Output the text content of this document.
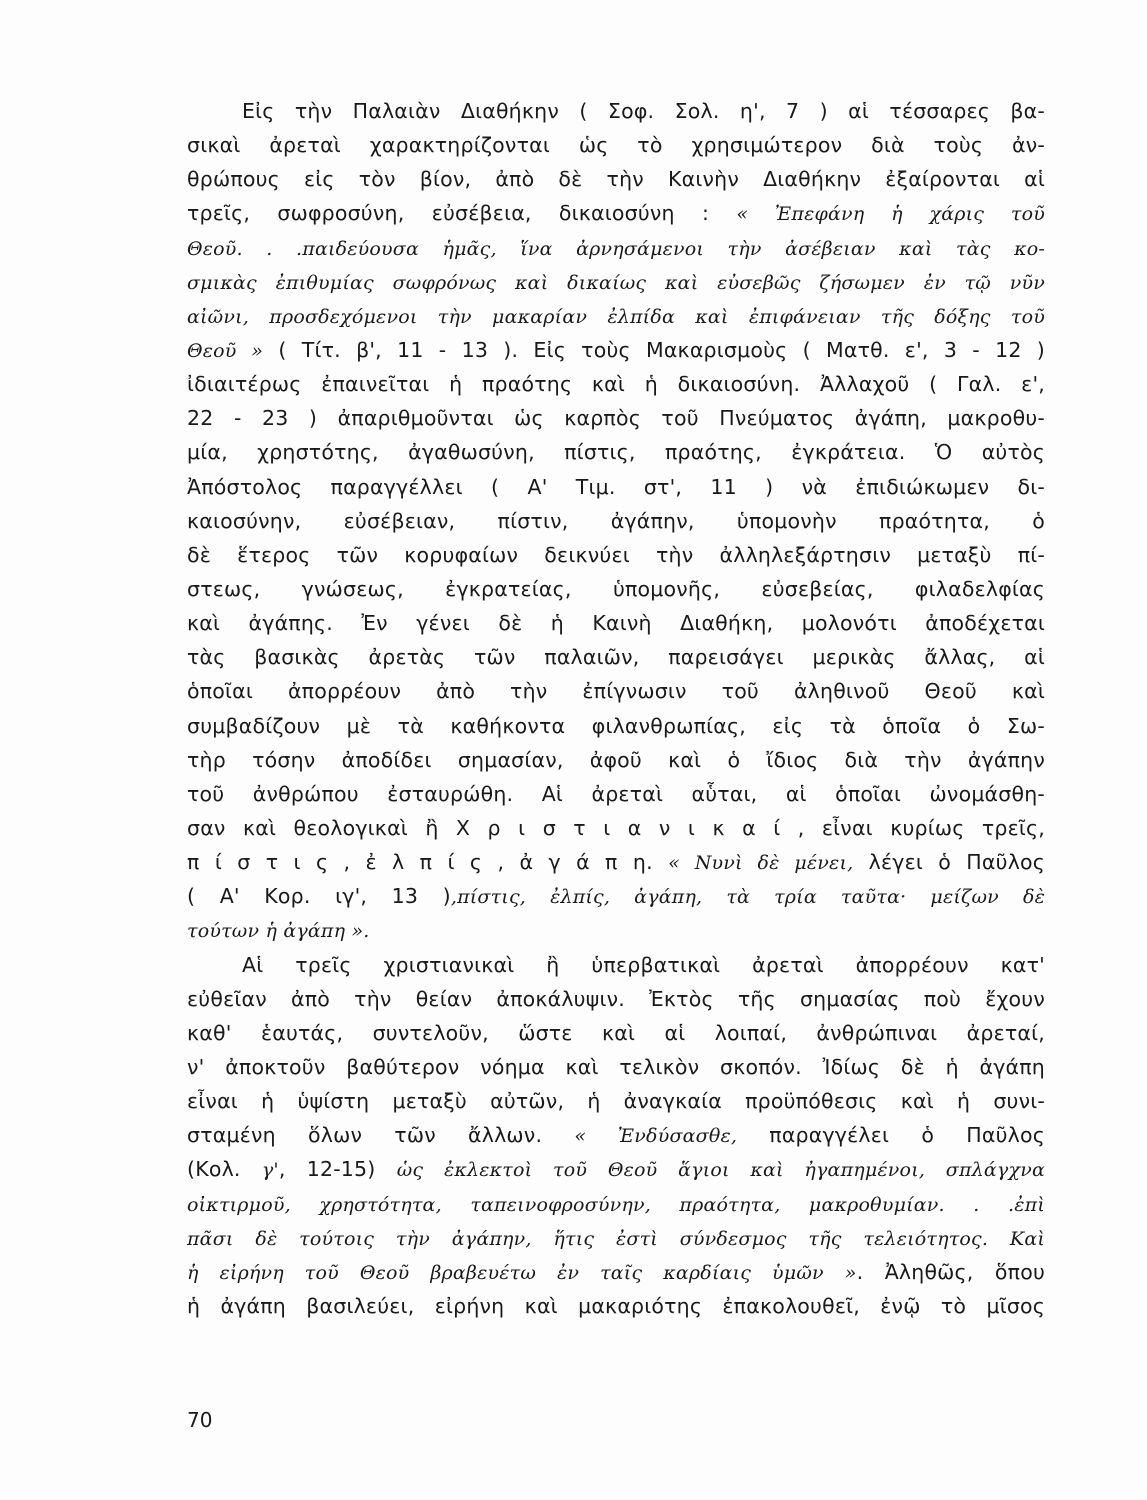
Εἰς τὴν Παλαιὰν Διαθήκην ( Σοφ. Σολ. η', 7 ) αἱ τέσσαρες βα-
σικαὶ ἀρεταὶ χαρακτηρίζονται ὡς τὸ χρησιμώτερον διὰ τοὺς ἀν-
θρώπους εἰς τὸν βίον, ἀπὸ δὲ τὴν Καινὴν Διαθήκην ἐξαίρονται αἱ
τρεῖς, σωφροσύνη, εὐσέβεια, δικαιοσύνη : « Ἐπεφάνη ἡ χάρις τοῦ
Θεοῦ. . .παιδεύουσα ἡμᾶς, ἵνα ἀρνησάμενοι τὴν ἀσέβειαν καὶ τὰς κο-
σμικὰς ἐπιθυμίας σωφρόνως καὶ δικαίως καὶ εὐσεβῶς ζήσωμεν ἐν τῷ νῦν
αἰῶνι, προσδεχόμενοι τὴν μακαρίαν ἐλπίδα καὶ ἐπιφάνειαν τῆς δόξης τοῦ
Θεοῦ » ( Τίτ. β', 11 - 13 ). Εἰς τοὺς Μακαρισμοὺς ( Ματθ. ε', 3 - 12 )
ἰδιαιτέρως ἐπαινεῖται ἡ πραότης καὶ ἡ δικαιοσύνη. Ἀλλαχοῦ ( Γαλ. ε',
22 - 23 ) ἀπαριθμοῦνται ὡς καρπὸς τοῦ Πνεύματος ἀγάπη, μακροθυ-
μία, χρηστότης, ἀγαθωσύνη, πίστις, πραότης, ἐγκράτεια. Ὁ αὐτὸς
Ἀπόστολος παραγγέλλει ( Α' Τιμ. στ', 11 ) νὰ ἐπιδιώκωμεν δι-
καιοσύνην, εὐσέβειαν, πίστιν, ἀγάπην, ὑπομονὴν πραότητα, ὁ
δὲ ἕτερος τῶν κορυφαίων δεικνύει τὴν ἀλληλεξάρτησιν μεταξὺ πί-
στεως, γνώσεως, ἐγκρατείας, ὑπομονῆς, εὐσεβείας, φιλαδελφίας
καὶ ἀγάπης. Ἐν γένει δὲ ἡ Καινὴ Διαθήκη, μολονότι ἀποδέχεται
τὰς βασικὰς ἀρετὰς τῶν παλαιῶν, παρεισάγει μερικὰς ἄλλας, αἱ
ὁποῖαι ἀπορρέουν ἀπὸ τὴν ἐπίγνωσιν τοῦ ἀληθινοῦ Θεοῦ καὶ
συμβαδίζουν μὲ τὰ καθήκοντα φιλανθρωπίας, εἰς τὰ ὁποῖα ὁ Σω-
τὴρ τόσην ἀποδίδει σημασίαν, ἀφοῦ καὶ ὁ ἴδιος διὰ τὴν ἀγάπην
τοῦ ἀνθρώπου ἐσταυρώθη. Αἱ ἀρεταὶ αὗται, αἱ ὁποῖαι ὠνομάσθη-
σαν καὶ θεολογικαὶ ἢ Χ ρ ι σ τ ι α ν ι κ α ί , εἶναι κυρίως τρεῖς,
π ί σ τ ι ς , ἐ λ π ί ς , ἀ γ ά π η. « Νυνὶ δὲ μένει, λέγει ὁ Παῦλος
( Α' Κορ. ιγ', 13 ),πίστις, ἐλπίς, ἀγάπη, τὰ τρία ταῦτα· μείζων δὲ
τούτων ἡ ἀγάπη ».
Αἱ τρεῖς χριστιανικαὶ ἢ ὑπερβατικαὶ ἀρεταὶ ἀπορρέουν κατ'
εὐθεῖαν ἀπὸ τὴν θείαν ἀποκάλυψιν. Ἐκτὸς τῆς σημασίας ποὺ ἔχουν
καθ' ἑαυτάς, συντελοῦν, ὥστε καὶ αἱ λοιπαί, ἀνθρώπιναι ἀρεταί,
ν' ἀποκτοῦν βαθύτερον νόημα καὶ τελικὸν σκοπόν. Ἰδίως δὲ ἡ ἀγάπη
εἶναι ἡ ὑψίστη μεταξὺ αὐτῶν, ἡ ἀναγκαία προϋπόθεσις καὶ ἡ συνι-
σταμένη ὅλων τῶν ἄλλων. « Ἐνδύσασθε, παραγγέλει ὁ Παῦλος
(Κολ. γ', 12-15) ὡς ἐκλεκτοὶ τοῦ Θεοῦ ἅγιοι καὶ ἠγαπημένοι, σπλάγχνα
οἰκτιρμοῦ, χρηστότητα, ταπεινοφροσύνην, πραότητα, μακροθυμίαν. . .ἐπὶ
πᾶσι δὲ τούτοις τὴν ἀγάπην, ἥτις ἐστὶ σύνδεσμος τῆς τελειότητος. Καὶ
ἡ εἰρήνη τοῦ Θεοῦ βραβευέτω ἐν ταῖς καρδίαις ὑμῶν ». Ἀληθῶς, ὅπου
ἡ ἀγάπη βασιλεύει, εἰρήνη καὶ μακαριότης ἐπακολουθεῖ, ἐνῷ τὸ μῖσος
70
